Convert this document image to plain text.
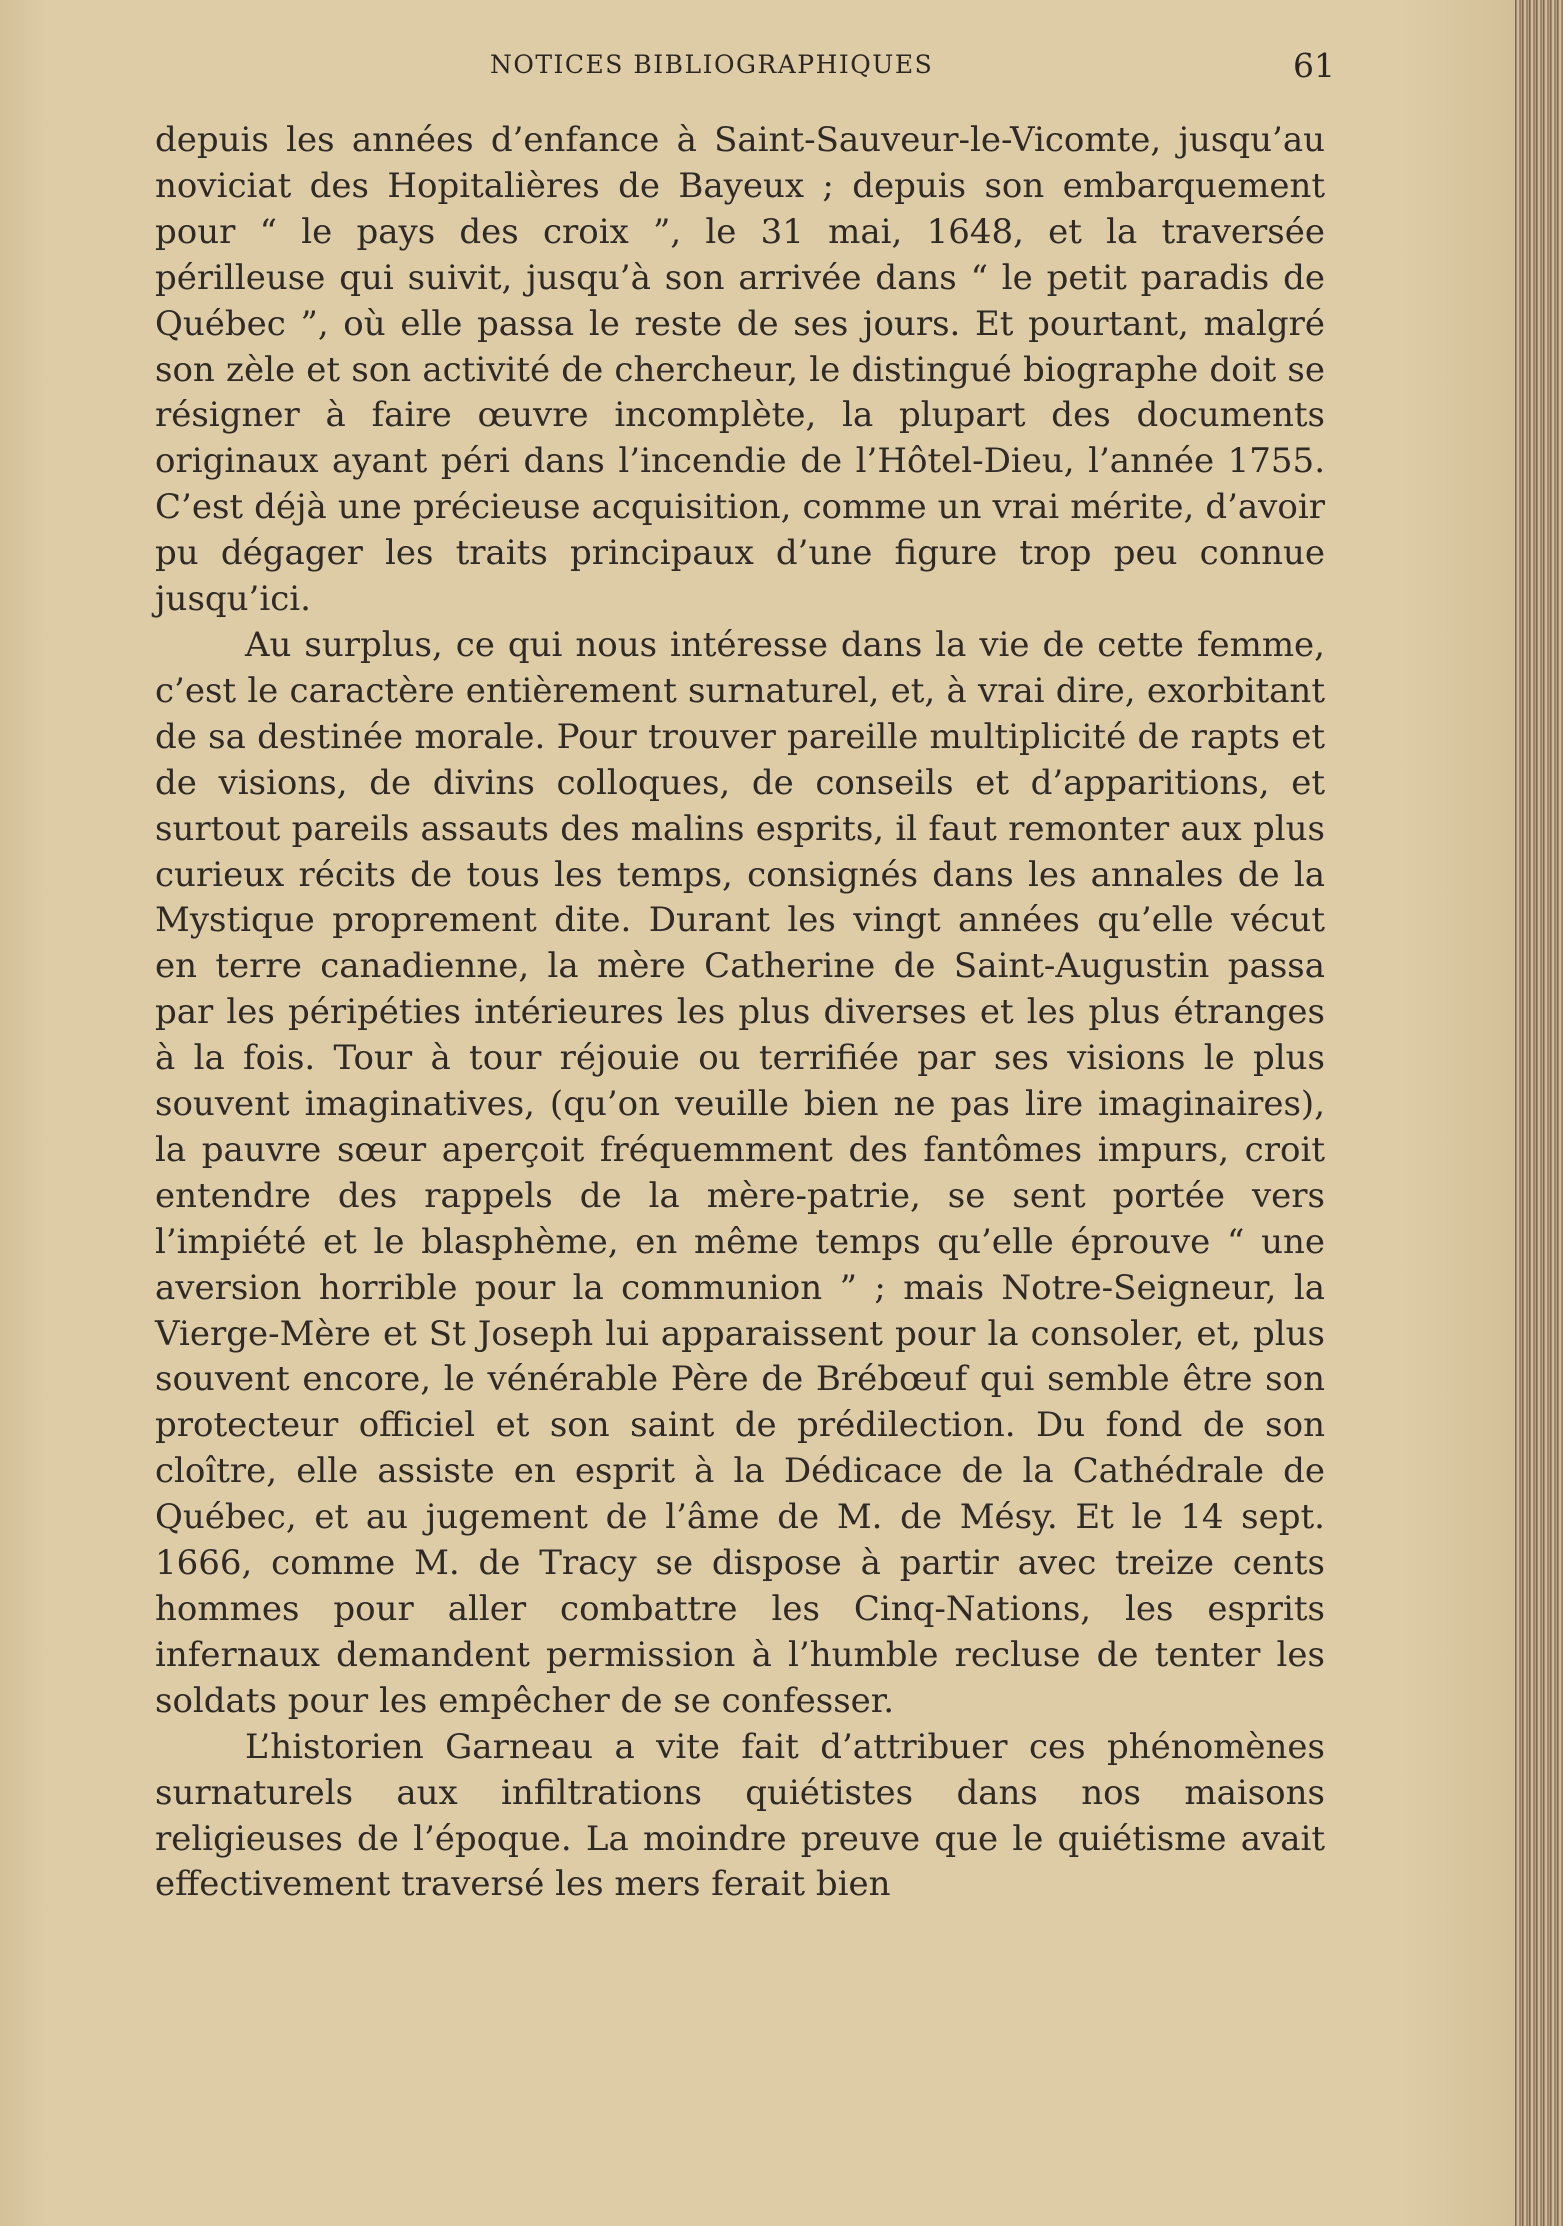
NOTICES BIBLIOGRAPHIQUES	61

depuis les années d’enfance à Saint-Sauveur-le-Vicomte, jusqu’au noviciat des Hopitalières de Bayeux ; depuis son embarquement pour “ le pays des croix ”, le 31 mai, 1648, et la traversée périlleuse qui suivit, jusqu’à son arrivée dans “ le petit paradis de Québec ”, où elle passa le reste de ses jours. Et pourtant, malgré son zèle et son activité de chercheur, le distingué biographe doit se résigner à faire œuvre incomplète, la plupart des documents originaux ayant péri dans l’incendie de l’Hôtel-Dieu, l’année 1755. C’est déjà une précieuse acquisition, comme un vrai mérite, d’avoir pu dégager les traits principaux d’une figure trop peu connue jusqu’ici.

Au surplus, ce qui nous intéresse dans la vie de cette femme, c’est le caractère entièrement surnaturel, et, à vrai dire, exorbitant de sa destinée morale. Pour trouver pareille multiplicité de rapts et de visions, de divins colloques, de conseils et d’apparitions, et surtout pareils assauts des malins esprits, il faut remonter aux plus curieux récits de tous les temps, consignés dans les annales de la Mystique proprement dite. Durant les vingt années qu’elle vécut en terre canadienne, la mère Catherine de Saint-Augustin passa par les péripéties intérieures les plus diverses et les plus étranges à la fois. Tour à tour réjouie ou terrifiée par ses visions le plus souvent imaginatives, (qu’on veuille bien ne pas lire imaginaires), la pauvre sœur aperçoit fréquemment des fantômes impurs, croit entendre des rappels de la mère-patrie, se sent portée vers l’impiété et le blasphème, en même temps qu’elle éprouve “ une aversion horrible pour la communion ” ; mais Notre-Seigneur, la Vierge-Mère et St Joseph lui apparaissent pour la consoler, et, plus souvent encore, le vénérable Père de Brébœuf qui semble être son protecteur officiel et son saint de prédilection. Du fond de son cloître, elle assiste en esprit à la Dédicace de la Cathédrale de Québec, et au jugement de l’âme de M. de Mésy. Et le 14 sept. 1666, comme M. de Tracy se dispose à partir avec treize cents hommes pour aller combattre les Cinq-Nations, les esprits infernaux demandent permission à l’humble recluse de tenter les soldats pour les empêcher de se confesser.

L’historien Garneau a vite fait d’attribuer ces phénomènes surnaturels aux infiltrations quiétistes dans nos maisons religieuses de l’époque. La moindre preuve que le quiétisme avait effectivement traversé les mers ferait bien
